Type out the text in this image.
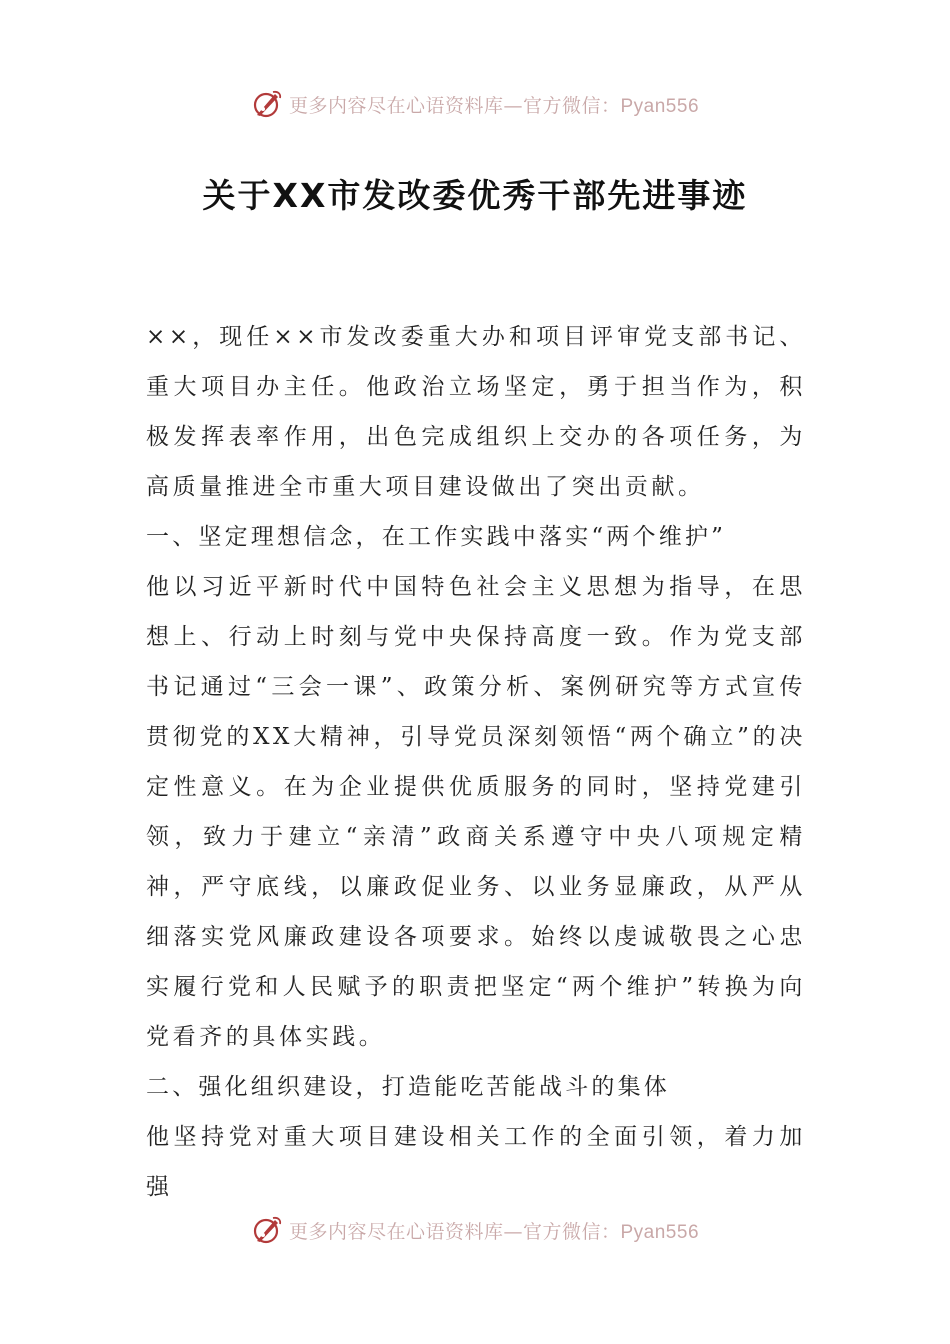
更多内容尽在心语资料库—官方微信：Pyan556
关于XX市发改委优秀干部先进事迹

××，现任××市发改委重大办和项目评审党支部书记、重大项目办主任。他政治立场坚定，勇于担当作为，积极发挥表率作用，出色完成组织上交办的各项任务，为高质量推进全市重大项目建设做出了突出贡献。

一、坚定理想信念，在工作实践中落实“两个维护”

他以习近平新时代中国特色社会主义思想为指导，在思想上、行动上时刻与党中央保持高度一致。作为党支部书记通过“三会一课”、政策分析、案例研究等方式宣传贯彻党的XX大精神，引导党员深刻领悟“两个确立”的决定性意义。在为企业提供优质服务的同时，坚持党建引领，致力于建立“亲清”政商关系遵守中央八项规定精神，严守底线，以廉政促业务、以业务显廉政，从严从细落实党风廉政建设各项要求。始终以虔诚敬畏之心忠实履行党和人民赋予的职责把坚定“两个维护”转换为向党看齐的具体实践。

二、强化组织建设，打造能吃苦能战斗的集体

他坚持党对重大项目建设相关工作的全面引领，着力加强

更多内容尽在心语资料库—官方微信：Pyan556
